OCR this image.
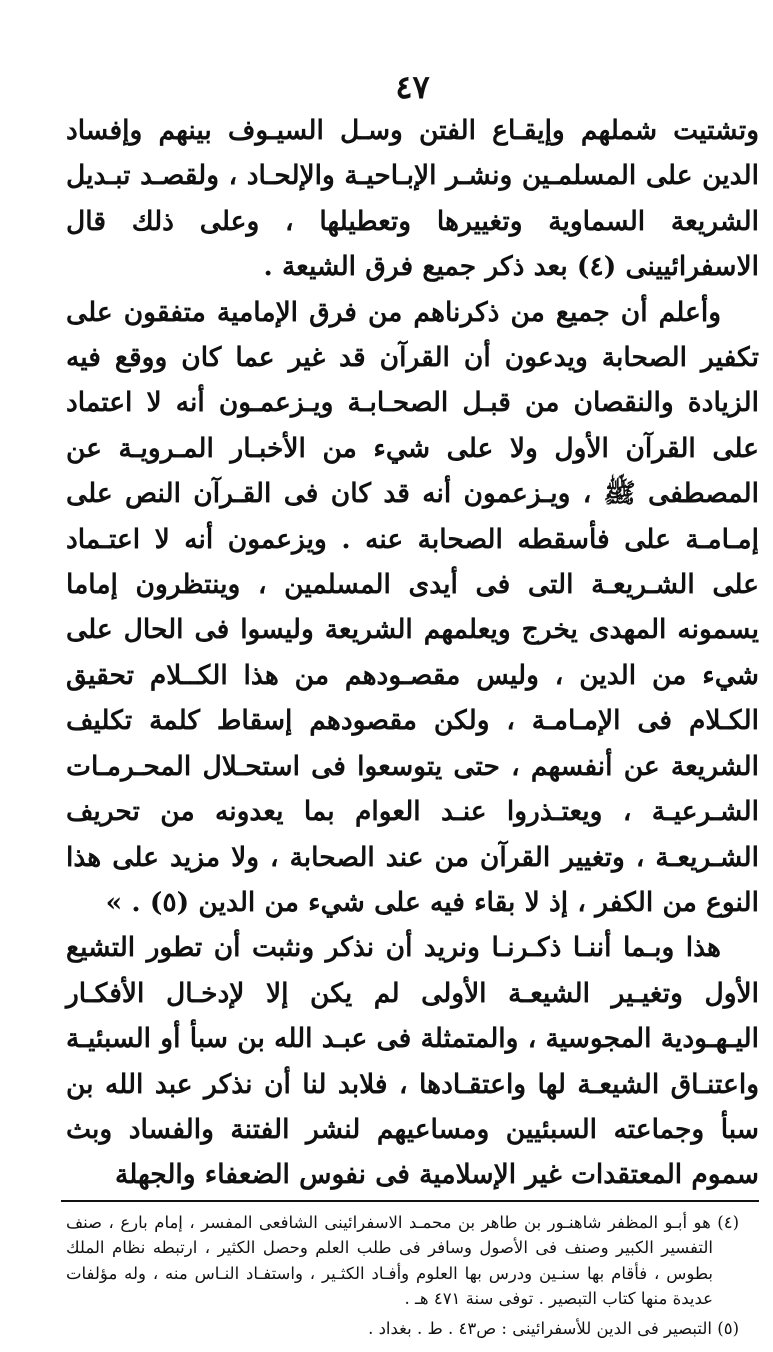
٤٧

وتشتيت شملهم وإيقـاع الفتن وسـل السيـوف بينهم وإفساد الدين على المسلمـين ونشـر الإبـاحيـة والإلحـاد ، ولقصـد تبـديل الشريعة السماوية وتغييرها وتعطيلها ، وعلى ذلك قال الاسفرائيينى (٤) بعد ذكر جميع فرق الشيعة .

وأعلم أن جميع من ذكرناهم من فرق الإمامية متفقون على تكفير الصحابة ويدعون أن القرآن قد غير عما كان ووقع فيه الزيادة والنقصان من قبـل الصحـابـة ويـزعمـون أنه لا اعتماد على القرآن الأول ولا على شيء من الأخبـار المـرويـة عن المصطفى ﷺ ، ويـزعمون أنه قد كان فى القـرآن النص على إمـامـة على فأسقطه الصحابة عنه . ويزعمون أنه لا اعتـماد على الشـريعـة التى فى أيدى المسلمين ، وينتظرون إماما يسمونه المهدى يخرج ويعلمهم الشريعة وليسوا فى الحال على شيء من الدين ، وليس مقصـودهم من هذا الكــلام تحقيق الكـلام فى الإمـامـة ، ولكن مقصودهم إسقاط كلمة تكليف الشريعة عن أنفسهم ، حتى يتوسعوا فى استحـلال المحـرمـات الشـرعيـة ، ويعتـذروا عنـد العوام بما يعدونه من تحريف الشـريعـة ، وتغيير القرآن من عند الصحابة ، ولا مزيد على هذا النوع من الكفر ، إذ لا بقاء فيه على شيء من الدين (٥) . »

هذا وبـما أننـا ذكـرنـا ونريد أن نذكر ونثبت أن تطور التشيع الأول وتغيـير الشيعـة الأولى لم يكن إلا لإدخـال الأفكـار اليـهـودية المجوسية ، والمتمثلة فى عبـد الله بن سبأ أو السبئيـة واعتنـاق الشيعـة لها واعتقـادها ، فلابد لنا أن نذكر عبد الله بن سبأ وجماعته السبئيين ومساعيهم لنشر الفتنة والفساد وبث سموم المعتقدات غير الإسلامية فى نفوس الضعفاء والجهلة

(٤) هو أبـو المظفر شاهنـور بن طاهر بن محمـد الاسفرائينى الشافعى المفسر ، إمام بارع ، صنف التفسير الكبير وصنف فى الأصول وسافر فى طلب العلم وحصل الكثير ، ارتبطه نظام الملك بطوس ، فأقام بها سنـين ودرس بها العلوم وأفـاد الكثـير ، واستفـاد النـاس منه ، وله مؤلفات عديدة منها كتاب التبصير . توفى سنة ٤٧١ هـ .

(٥) التبصير فى الدين للأسفرائينى : ص٤٣ . ط . بغداد .
